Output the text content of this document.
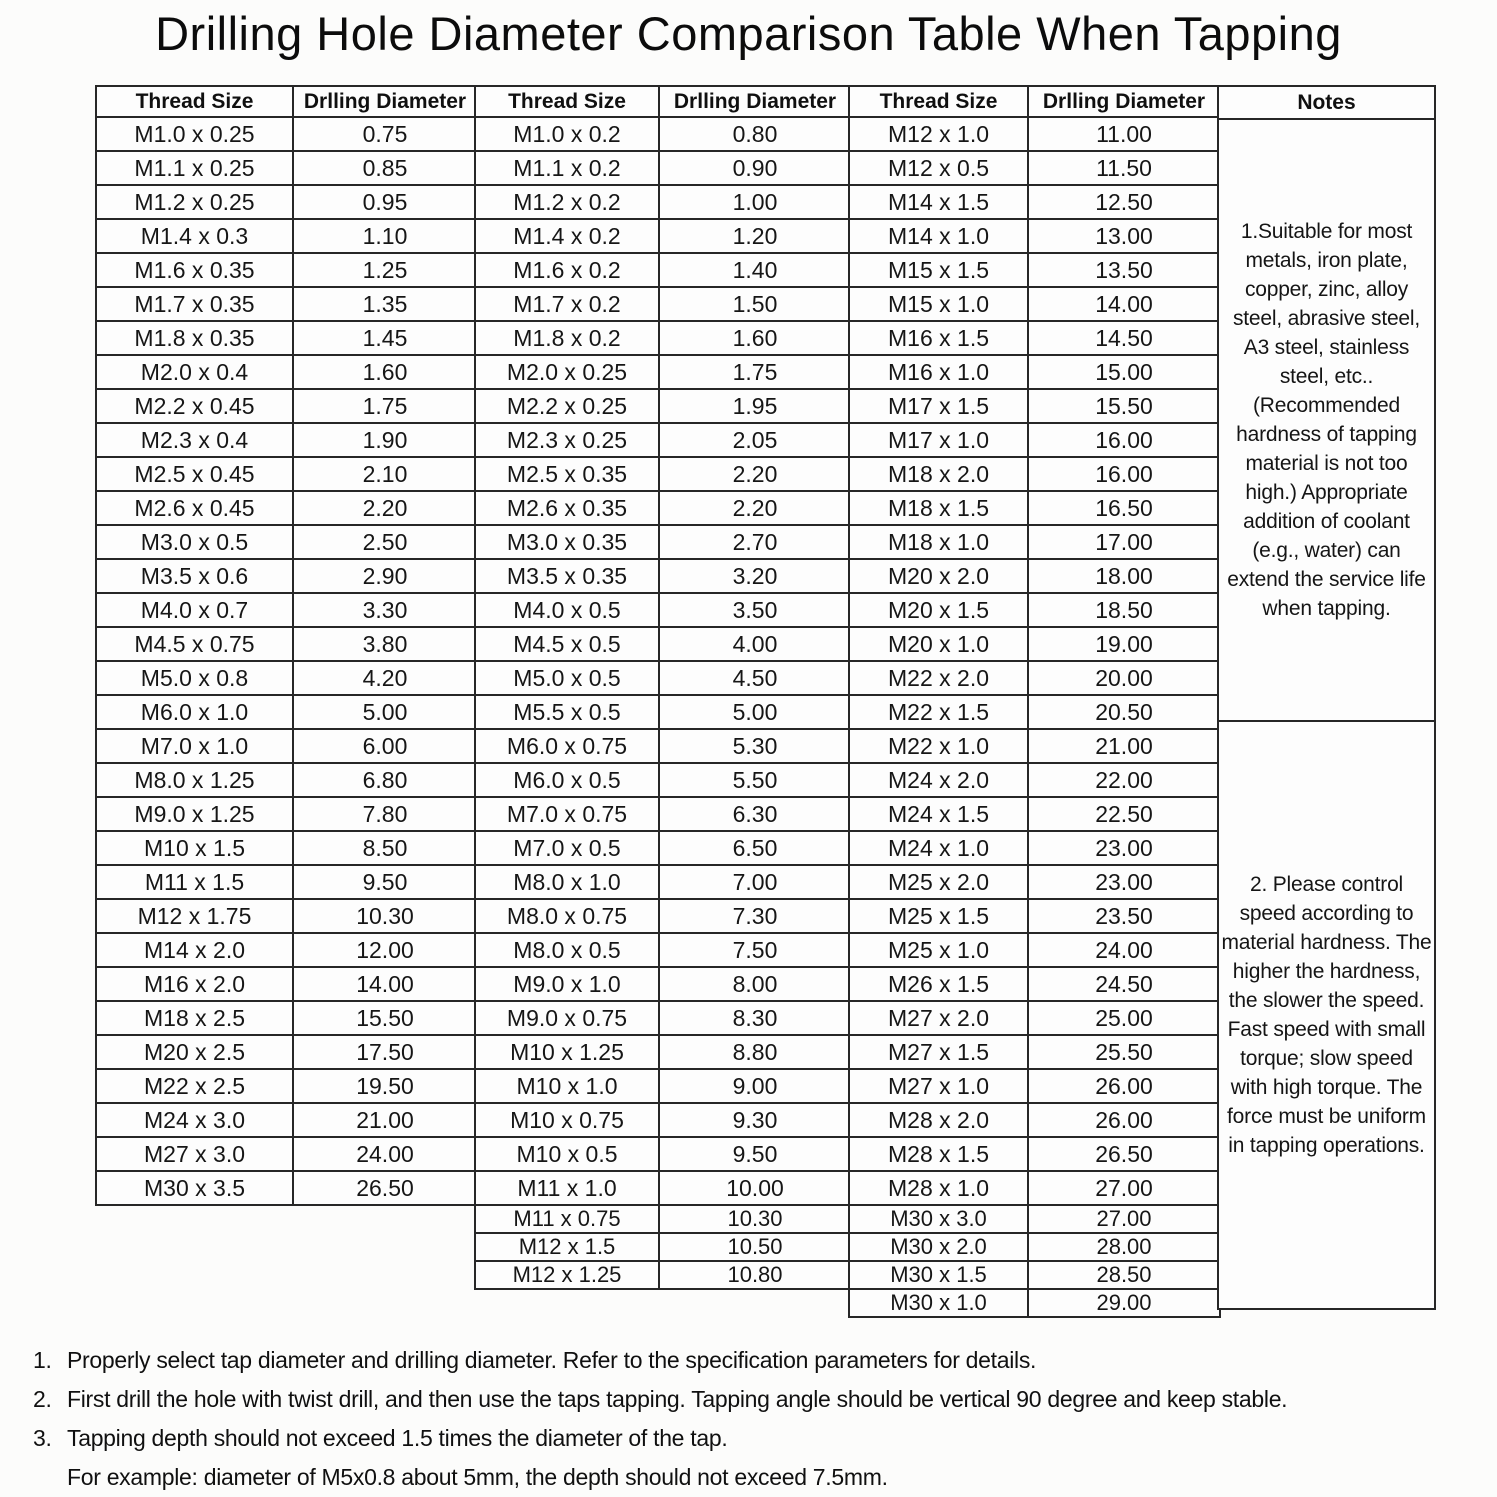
Drilling Hole Diameter Comparison Table When Tapping
Thread Size	Drlling Diameter
M1.0 x 0.25	0.75
M1.1 x 0.25	0.85
M1.2 x 0.25	0.95
M1.4 x 0.3	1.10
M1.6 x 0.35	1.25
M1.7 x 0.35	1.35
M1.8 x 0.35	1.45
M2.0 x 0.4	1.60
M2.2 x 0.45	1.75
M2.3 x 0.4	1.90
M2.5 x 0.45	2.10
M2.6 x 0.45	2.20
M3.0 x 0.5	2.50
M3.5 x 0.6	2.90
M4.0 x 0.7	3.30
M4.5 x 0.75	3.80
M5.0 x 0.8	4.20
M6.0 x 1.0	5.00
M7.0 x 1.0	6.00
M8.0 x 1.25	6.80
M9.0 x 1.25	7.80
M10 x 1.5	8.50
M11 x 1.5	9.50
M12 x 1.75	10.30
M14 x 2.0	12.00
M16 x 2.0	14.00
M18 x 2.5	15.50
M20 x 2.5	17.50
M22 x 2.5	19.50
M24 x 3.0	21.00
M27 x 3.0	24.00
M30 x 3.5	26.50
Thread Size	Drlling Diameter
M1.0 x 0.2	0.80
M1.1 x 0.2	0.90
M1.2 x 0.2	1.00
M1.4 x 0.2	1.20
M1.6 x 0.2	1.40
M1.7 x 0.2	1.50
M1.8 x 0.2	1.60
M2.0 x 0.25	1.75
M2.2 x 0.25	1.95
M2.3 x 0.25	2.05
M2.5 x 0.35	2.20
M2.6 x 0.35	2.20
M3.0 x 0.35	2.70
M3.5 x 0.35	3.20
M4.0 x 0.5	3.50
M4.5 x 0.5	4.00
M5.0 x 0.5	4.50
M5.5 x 0.5	5.00
M6.0 x 0.75	5.30
M6.0 x 0.5	5.50
M7.0 x 0.75	6.30
M7.0 x 0.5	6.50
M8.0 x 1.0	7.00
M8.0 x 0.75	7.30
M8.0 x 0.5	7.50
M9.0 x 1.0	8.00
M9.0 x 0.75	8.30
M10 x 1.25	8.80
M10 x 1.0	9.00
M10 x 0.75	9.30
M10 x 0.5	9.50
M11 x 1.0	10.00
M11 x 0.75	10.30
M12 x 1.5	10.50
M12 x 1.25	10.80
Thread Size	Drlling Diameter
M12 x 1.0	11.00
M12 x 0.5	11.50
M14 x 1.5	12.50
M14 x 1.0	13.00
M15 x 1.5	13.50
M15 x 1.0	14.00
M16 x 1.5	14.50
M16 x 1.0	15.00
M17 x 1.5	15.50
M17 x 1.0	16.00
M18 x 2.0	16.00
M18 x 1.5	16.50
M18 x 1.0	17.00
M20 x 2.0	18.00
M20 x 1.5	18.50
M20 x 1.0	19.00
M22 x 2.0	20.00
M22 x 1.5	20.50
M22 x 1.0	21.00
M24 x 2.0	22.00
M24 x 1.5	22.50
M24 x 1.0	23.00
M25 x 2.0	23.00
M25 x 1.5	23.50
M25 x 1.0	24.00
M26 x 1.5	24.50
M27 x 2.0	25.00
M27 x 1.5	25.50
M27 x 1.0	26.00
M28 x 2.0	26.00
M28 x 1.5	26.50
M28 x 1.0	27.00
M30 x 3.0	27.00
M30 x 2.0	28.00
M30 x 1.5	28.50
M30 x 1.0	29.00
Notes
1.Suitable for most metals, iron plate, copper, zinc, alloy steel, abrasive steel, A3 steel, stainless steel, etc..(Recommended hardness of tapping material is not too high.) Appropriate addition of coolant (e.g., water) can extend the service life when tapping.
2. Please control speed according to material hardness. The higher the hardness, the slower the speed. Fast speed with small torque; slow speed with high torque. The force must be uniform in tapping operations.
1. Properly select tap diameter and drilling diameter. Refer to the specification parameters for details.
2. First drill the hole with twist drill, and then use the taps tapping. Tapping angle should be vertical 90 degree and keep stable.
3. Tapping depth should not exceed 1.5 times the diameter of the tap.
For example: diameter of M5x0.8 about 5mm, the depth should not exceed 7.5mm.
